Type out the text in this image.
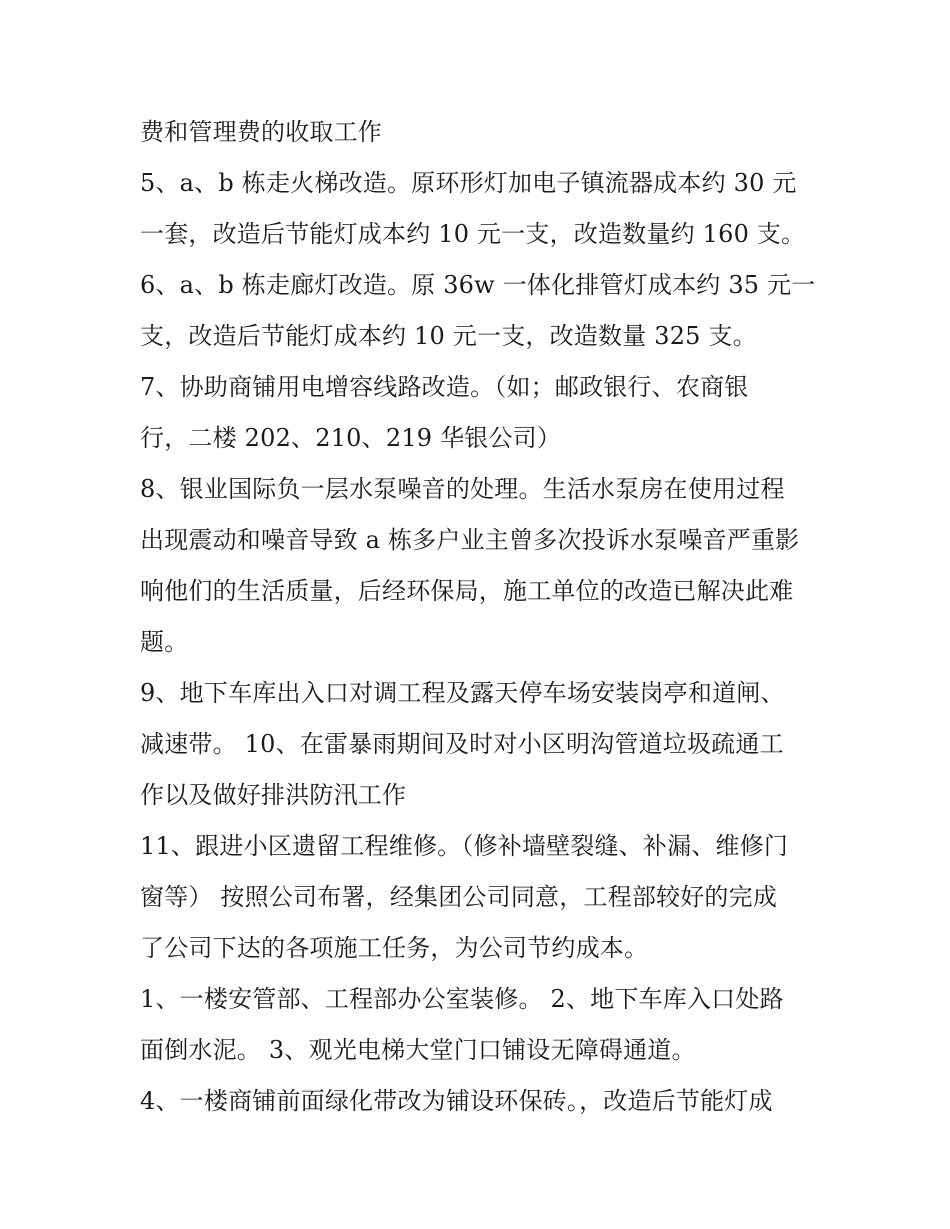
费和管理费的收取工作
5、a、b 栋走火梯改造。原环形灯加电子镇流器成本约 30 元
一套，改造后节能灯成本约 10 元一支，改造数量约 160 支。
6、a、b 栋走廊灯改造。原 36w 一体化排管灯成本约 35 元一
支，改造后节能灯成本约 10 元一支，改造数量 325 支。
7、协助商铺用电增容线路改造。（如；邮政银行、农商银
行，二楼 202、210、219 华银公司）
8、银业国际负一层水泵噪音的处理。生活水泵房在使用过程
出现震动和噪音导致 a 栋多户业主曾多次投诉水泵噪音严重影
响他们的生活质量，后经环保局，施工单位的改造已解决此难
题。
9、地下车库出入口对调工程及露天停车场安装岗亭和道闸、
减速带。 10、在雷暴雨期间及时对小区明沟管道垃圾疏通工
作以及做好排洪防汛工作
11、跟进小区遗留工程维修。（修补墙壁裂缝、补漏、维修门
窗等） 按照公司布署，经集团公司同意，工程部较好的完成
了公司下达的各项施工任务，为公司节约成本。
1、一楼安管部、工程部办公室装修。 2、地下车库入口处路
面倒水泥。 3、观光电梯大堂门口铺设无障碍通道。
4、一楼商铺前面绿化带改为铺设环保砖。，改造后节能灯成
